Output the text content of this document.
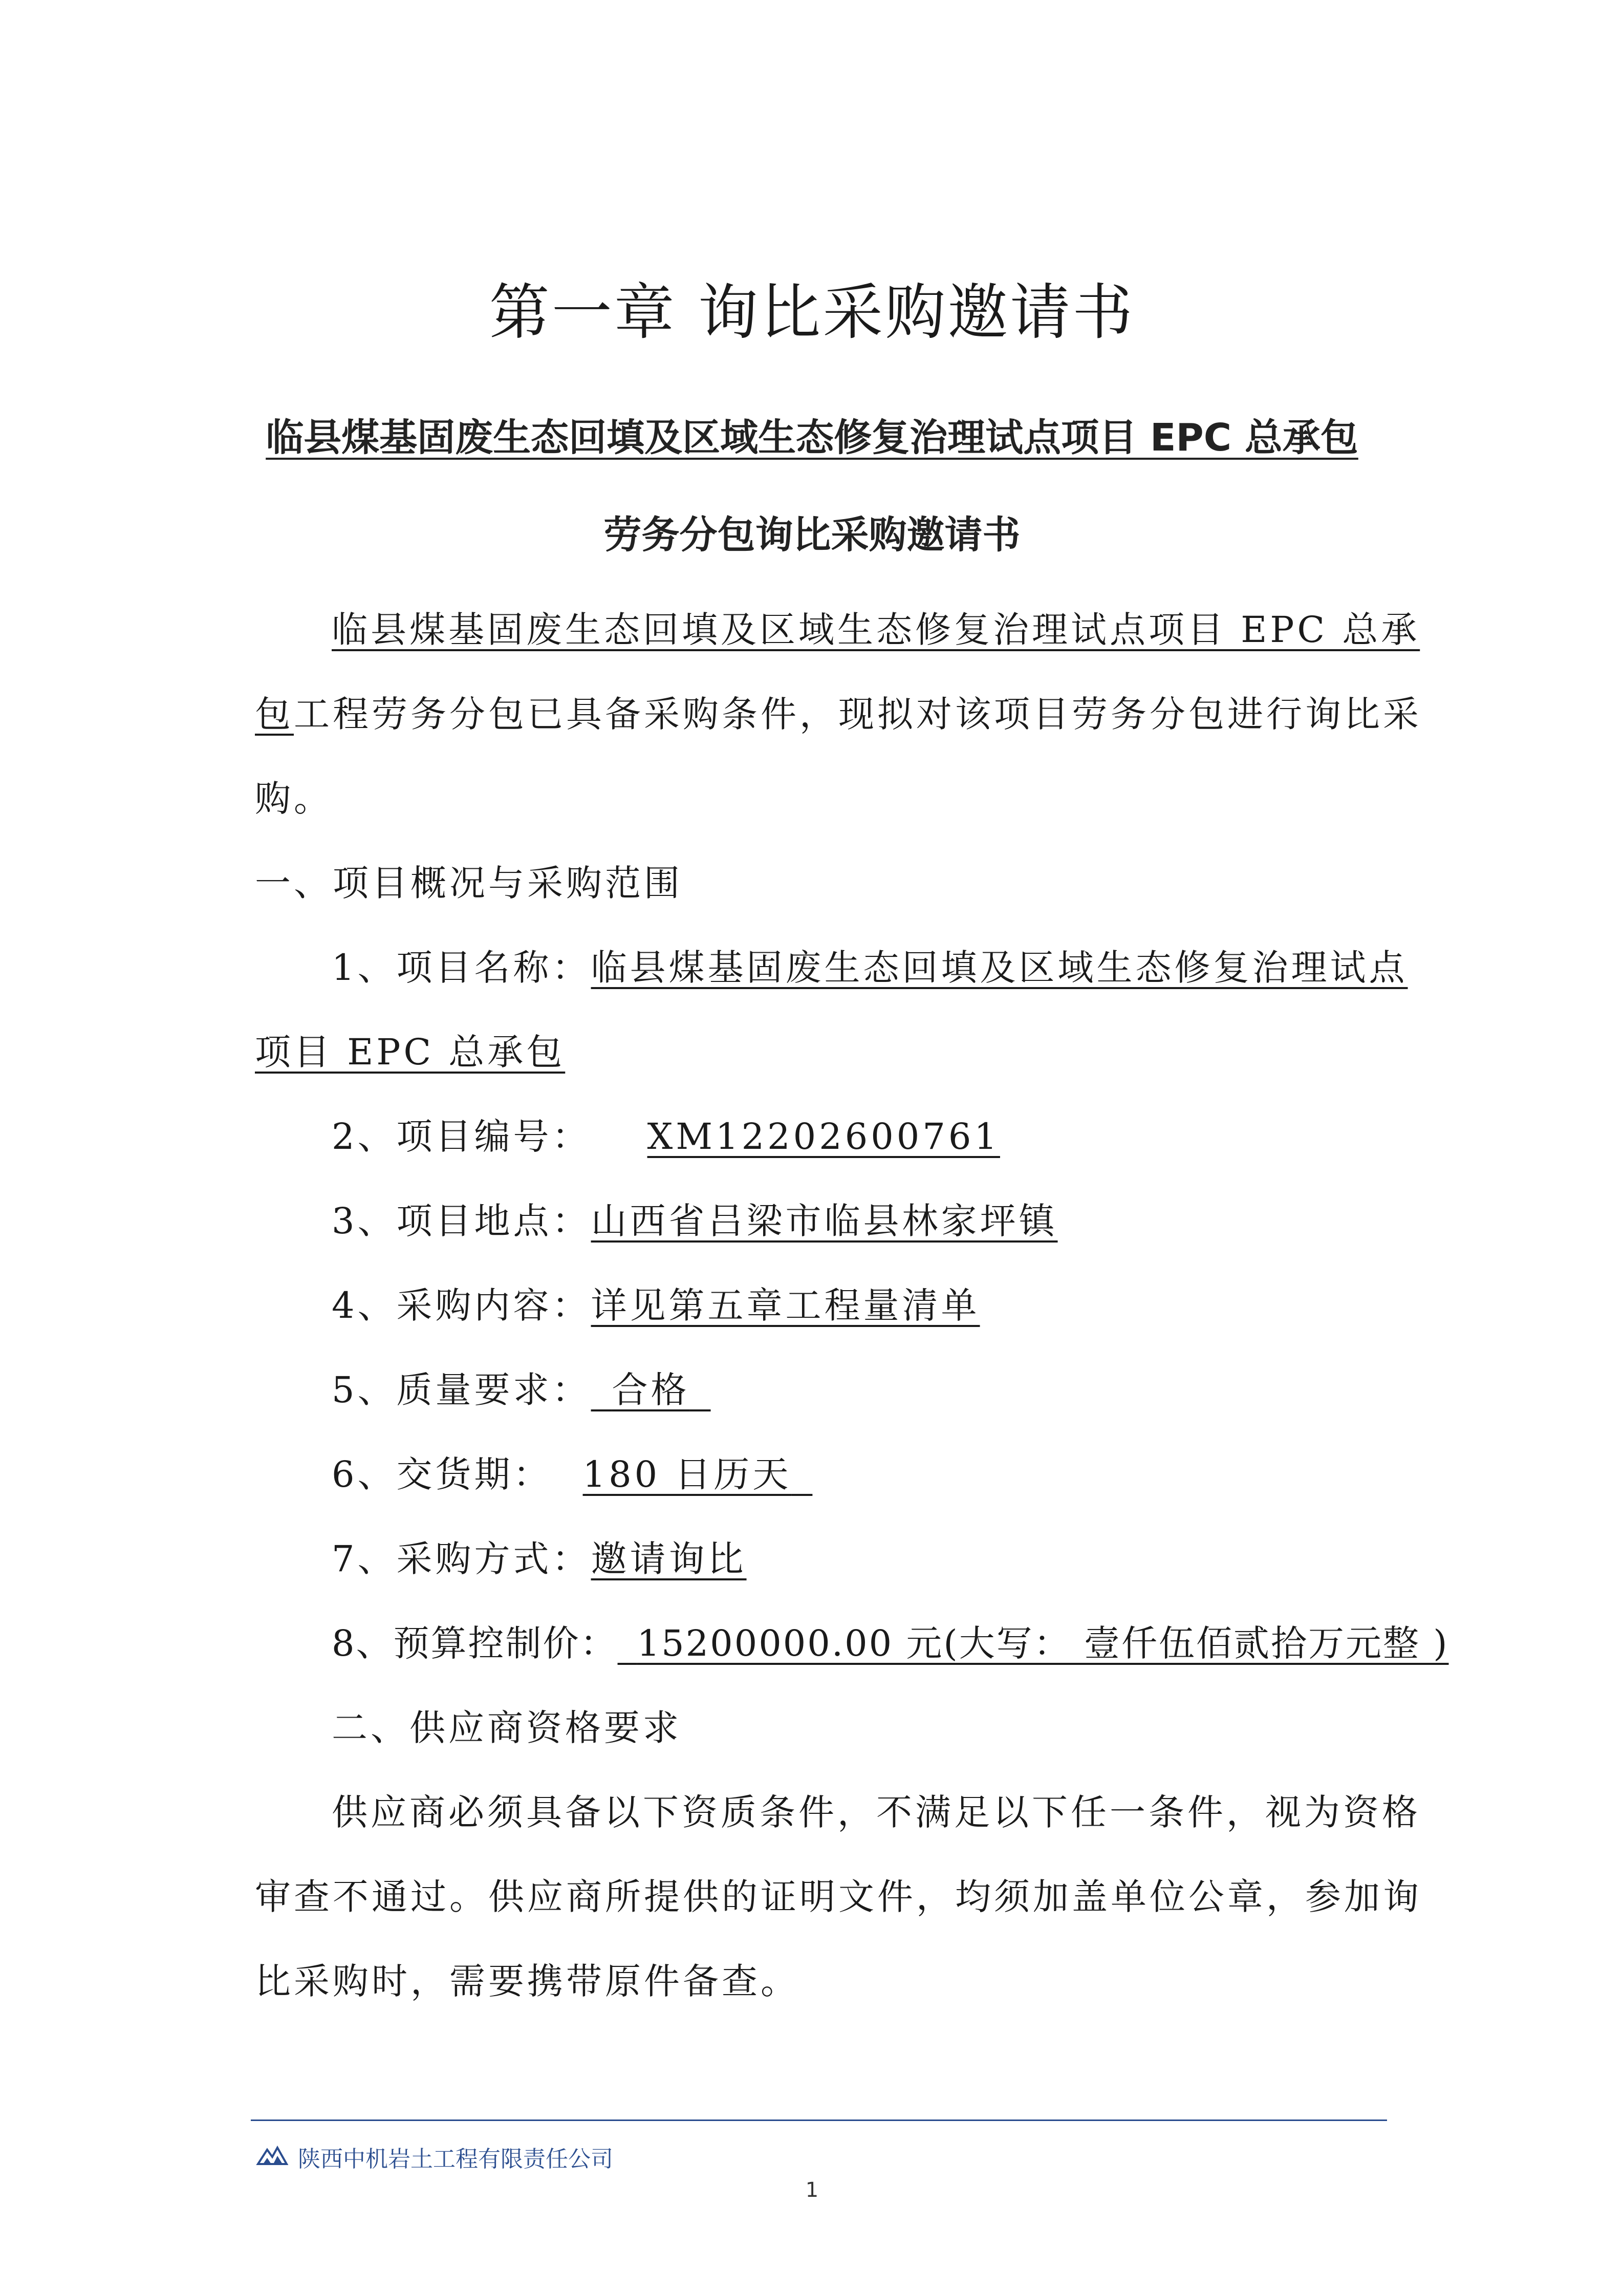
第一章 询比采购邀请书
临县煤基固废生态回填及区域生态修复治理试点项目 EPC 总承包
劳务分包询比采购邀请书
临县煤基固废生态回填及区域生态修复治理试点项目 EPC 总承
包工程劳务分包已具备采购条件，现拟对该项目劳务分包进行询比采
购。
一、项目概况与采购范围
1、项目名称：临县煤基固废生态回填及区域生态修复治理试点
项目 EPC 总承包
2、项目编号： XM12202600761
3、项目地点：山西省吕梁市临县林家坪镇
4、采购内容：详见第五章工程量清单
5、质量要求：  合格 
6、交货期： 180 日历天 
7、采购方式：邀请询比
8、预算控制价：  15200000.00 元(大写： 壹仟伍佰贰拾万元整 )
二、供应商资格要求
供应商必须具备以下资质条件，不满足以下任一条件，视为资格
审查不通过。供应商所提供的证明文件，均须加盖单位公章，参加询
比采购时，需要携带原件备查。
陕西中机岩土工程有限责任公司
1
